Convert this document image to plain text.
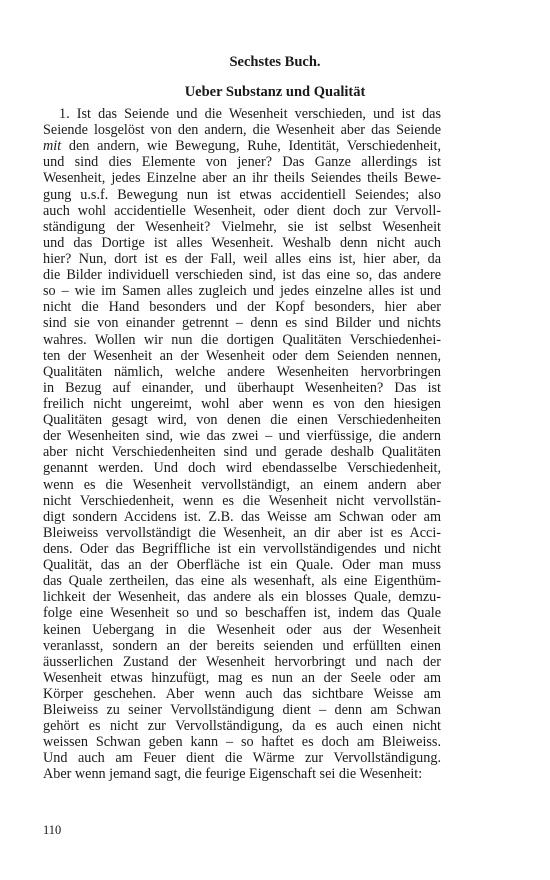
Sechstes Buch.
Ueber Substanz und Qualität
1. Ist das Seiende und die Wesenheit verschieden, und ist das
Seiende losgelöst von den andern, die Wesenheit aber das Seiende
mit den andern, wie Bewegung, Ruhe, Identität, Verschiedenheit,
und sind dies Elemente von jener? Das Ganze allerdings ist
Wesenheit, jedes Einzelne aber an ihr theils Seiendes theils Bewe-
gung u.s.f. Bewegung nun ist etwas accidentiell Seiendes; also
auch wohl accidentielle Wesenheit, oder dient doch zur Vervoll-
ständigung der Wesenheit? Vielmehr, sie ist selbst Wesenheit
und das Dortige ist alles Wesenheit. Weshalb denn nicht auch
hier? Nun, dort ist es der Fall, weil alles eins ist, hier aber, da
die Bilder individuell verschieden sind, ist das eine so, das andere
so – wie im Samen alles zugleich und jedes einzelne alles ist und
nicht die Hand besonders und der Kopf besonders, hier aber
sind sie von einander getrennt – denn es sind Bilder und nichts
wahres. Wollen wir nun die dortigen Qualitäten Verschiedenhei-
ten der Wesenheit an der Wesenheit oder dem Seienden nennen,
Qualitäten nämlich, welche andere Wesenheiten hervorbringen
in Bezug auf einander, und überhaupt Wesenheiten? Das ist
freilich nicht ungereimt, wohl aber wenn es von den hiesigen
Qualitäten gesagt wird, von denen die einen Verschiedenheiten
der Wesenheiten sind, wie das zwei – und vierfüssige, die andern
aber nicht Verschiedenheiten sind und gerade deshalb Qualitäten
genannt werden. Und doch wird ebendasselbe Verschiedenheit,
wenn es die Wesenheit vervollständigt, an einem andern aber
nicht Verschiedenheit, wenn es die Wesenheit nicht vervollstän-
digt sondern Accidens ist. Z.B. das Weisse am Schwan oder am
Bleiweiss vervollständigt die Wesenheit, an dir aber ist es Acci-
dens. Oder das Begriffliche ist ein vervollständigendes und nicht
Qualität, das an der Oberfläche ist ein Quale. Oder man muss
das Quale zertheilen, das eine als wesenhaft, als eine Eigenthüm-
lichkeit der Wesenheit, das andere als ein blosses Quale, demzu-
folge eine Wesenheit so und so beschaffen ist, indem das Quale
keinen Uebergang in die Wesenheit oder aus der Wesenheit
veranlasst, sondern an der bereits seienden und erfüllten einen
äusserlichen Zustand der Wesenheit hervorbringt und nach der
Wesenheit etwas hinzufügt, mag es nun an der Seele oder am
Körper geschehen. Aber wenn auch das sichtbare Weisse am
Bleiweiss zu seiner Vervollständigung dient – denn am Schwan
gehört es nicht zur Vervollständigung, da es auch einen nicht
weissen Schwan geben kann – so haftet es doch am Bleiweiss.
Und auch am Feuer dient die Wärme zur Vervollständigung.
Aber wenn jemand sagt, die feurige Eigenschaft sei die Wesenheit:

110
